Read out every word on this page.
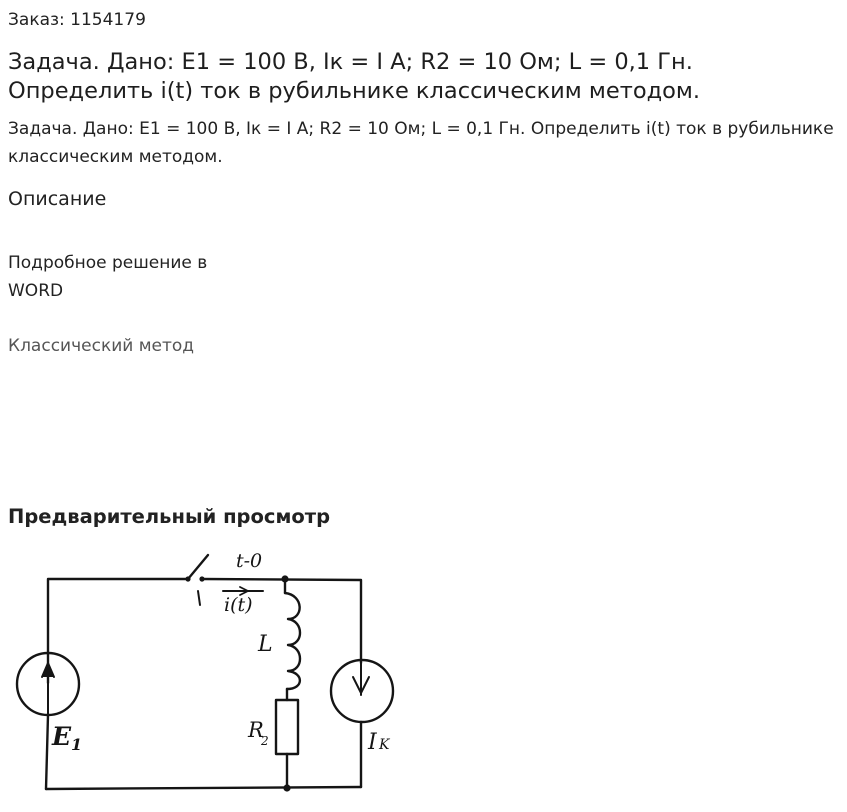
Заказ: 1154179
Задача. Дано: Е1 = 100 В, Iк = I А; R2 = 10 Ом; L = 0,1 Гн. Определить i(t) ток в рубильнике классическим методом.
Задача. Дано: Е1 = 100 В, Iк = I А; R2 = 10 Ом; L = 0,1 Гн. Определить i(t) ток в рубильнике классическим методом.
Описание
Подробное решение в WORD
Классический метод
Предварительный просмотр
t-0
i(t)
L
R
2
E 1	I K
